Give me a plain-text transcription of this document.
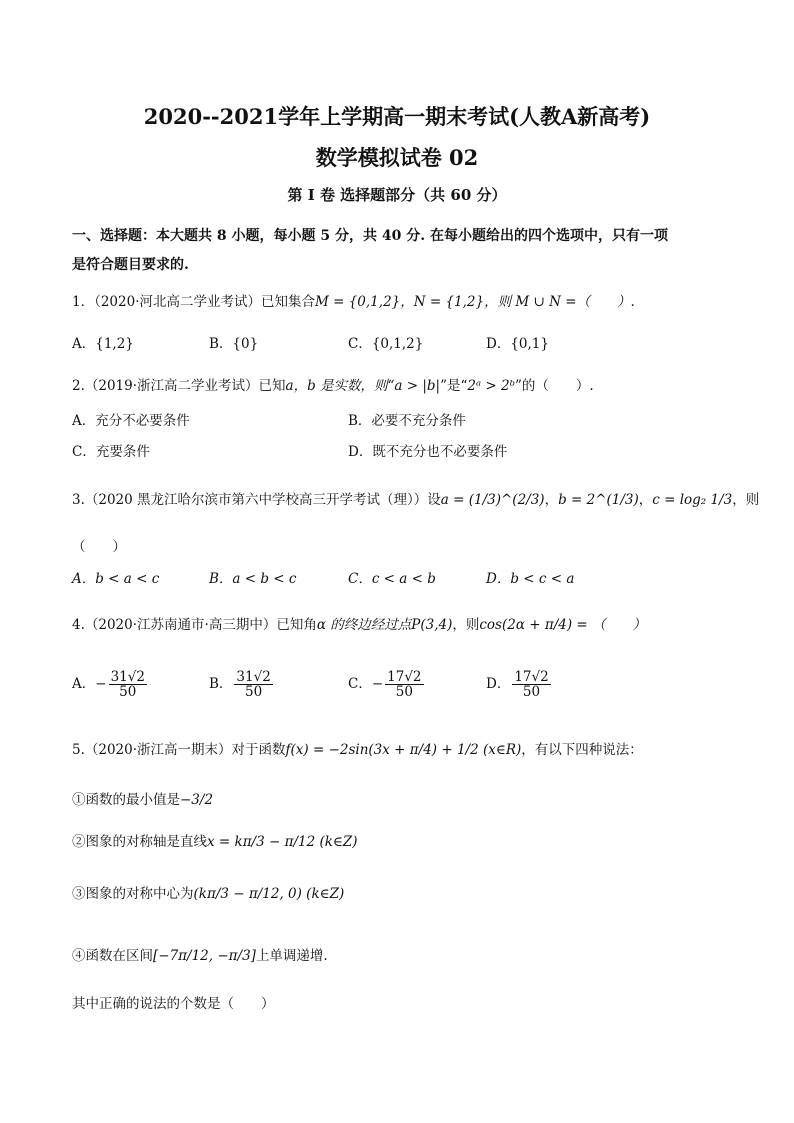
2020--2021学年上学期高一期末考试(人教A新高考)
数学模拟试卷 02
第 I 卷 选择题部分（共 60 分）
一、选择题：本大题共 8 小题，每小题 5 分，共 40 分. 在每小题给出的四个选项中，只有一项
是符合题目要求的.
1．（2020·河北高二学业考试）已知集合M = {0,1,2}，N = {1,2}，则 M ∪ N =（　　）.
A．{1,2}	B．{0}	C．{0,1,2}	D．{0,1}
2.（2019·浙江高二学业考试）已知a，b 是实数，则“a > |b|”是“2ᵃ > 2ᵇ”的（　　）.
A．充分不必要条件	B．必要不充分条件
C．充要条件	D．既不充分也不必要条件
3.（2020 黑龙江哈尔滨市第六中学校高三开学考试（理））设a = (1/3)^(2/3)，b = 2^(1/3)，c = log₂ 1/3，则
（　　）
A．b < a < c	B．a < b < c	C．c < a < b	D．b < c < a
4.（2020·江苏南通市·高三期中）已知角α 的终边经过点P(3,4)，则cos(2α + π/4) = （　　）
A．− $\frac{31√2}{50}$	B． $\frac{31√2}{50}$	C．− $\frac{17√2}{50}$	D． $\frac{17√2}{50}$
5.（2020·浙江高一期末）对于函数f(x) = −2sin(3x + π/4) + 1/2 (x∈R)，有以下四种说法：
①函数的最小值是−3/2
②图象的对称轴是直线x = kπ/3 − π/12 (k∈Z)
③图象的对称中心为(kπ/3 − π/12, 0) (k∈Z)
④函数在区间[−7π/12, −π/3]上单调递增.
其中正确的说法的个数是（　　）
